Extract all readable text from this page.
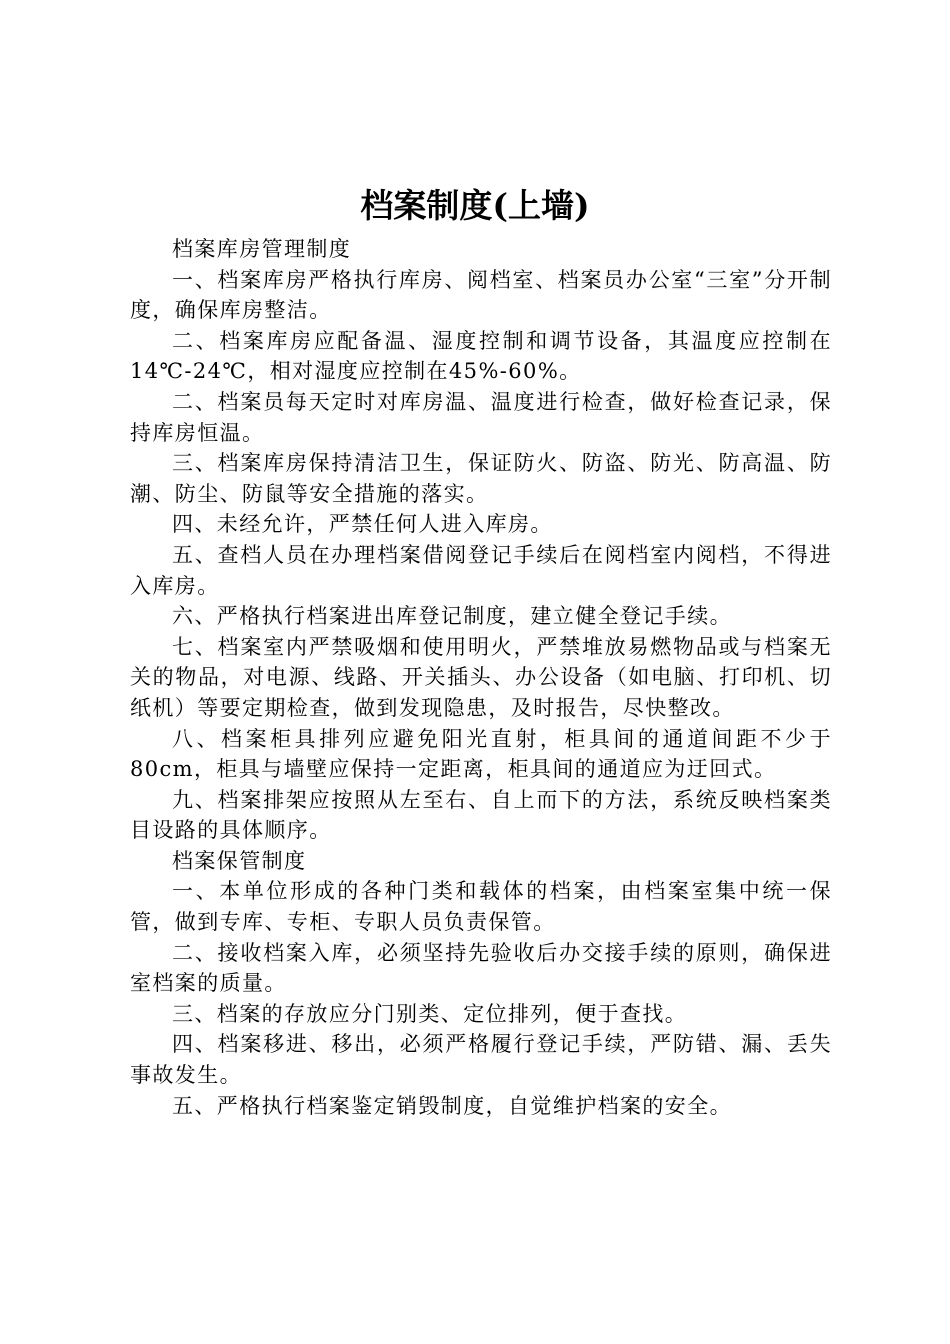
档案制度(上墙)

档案库房管理制度

一、档案库房严格执行库房、阅档室、档案员办公室“三室”分开制度，确保库房整洁。

二、档案库房应配备温、湿度控制和调节设备，其温度应控制在14℃-24℃，相对湿度应控制在45%-60%。

二、档案员每天定时对库房温、温度进行检查，做好检查记录，保持库房恒温。

三、档案库房保持清洁卫生，保证防火、防盗、防光、防高温、防潮、防尘、防鼠等安全措施的落实。

四、未经允许，严禁任何人进入库房。

五、查档人员在办理档案借阅登记手续后在阅档室内阅档，不得进入库房。

六、严格执行档案进出库登记制度，建立健全登记手续。

七、档案室内严禁吸烟和使用明火，严禁堆放易燃物品或与档案无关的物品，对电源、线路、开关插头、办公设备（如电脑、打印机、切纸机）等要定期检查，做到发现隐患，及时报告，尽快整改。

八、档案柜具排列应避免阳光直射，柜具间的通道间距不少于80cm，柜具与墙壁应保持一定距离，柜具间的通道应为迂回式。

九、档案排架应按照从左至右、自上而下的方法，系统反映档案类目设路的具体顺序。

档案保管制度

一、本单位形成的各种门类和载体的档案，由档案室集中统一保管，做到专库、专柜、专职人员负责保管。

二、接收档案入库，必须坚持先验收后办交接手续的原则，确保进室档案的质量。

三、档案的存放应分门别类、定位排列，便于查找。

四、档案移进、移出，必须严格履行登记手续，严防错、漏、丢失事故发生。

五、严格执行档案鉴定销毁制度，自觉维护档案的安全。
